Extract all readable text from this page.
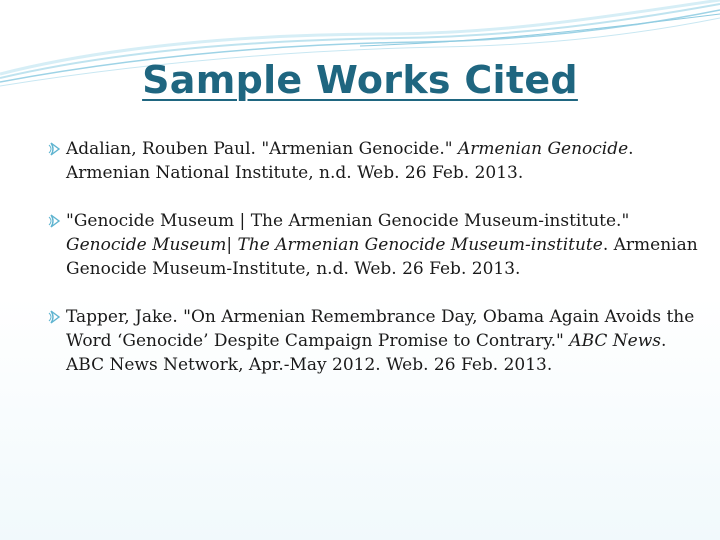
Sample Works Cited
Adalian, Rouben Paul. "Armenian Genocide." Armenian Genocide. Armenian National Institute, n.d. Web. 26 Feb. 2013.
"Genocide Museum | The Armenian Genocide Museum-institute." Genocide Museum| The Armenian Genocide Museum-institute. Armenian Genocide Museum-Institute, n.d. Web. 26 Feb. 2013.
Tapper, Jake. "On Armenian Remembrance Day, Obama Again Avoids the Word ‘Genocide’ Despite Campaign Promise to Contrary." ABC News. ABC News Network, Apr.-May 2012. Web. 26 Feb. 2013.
